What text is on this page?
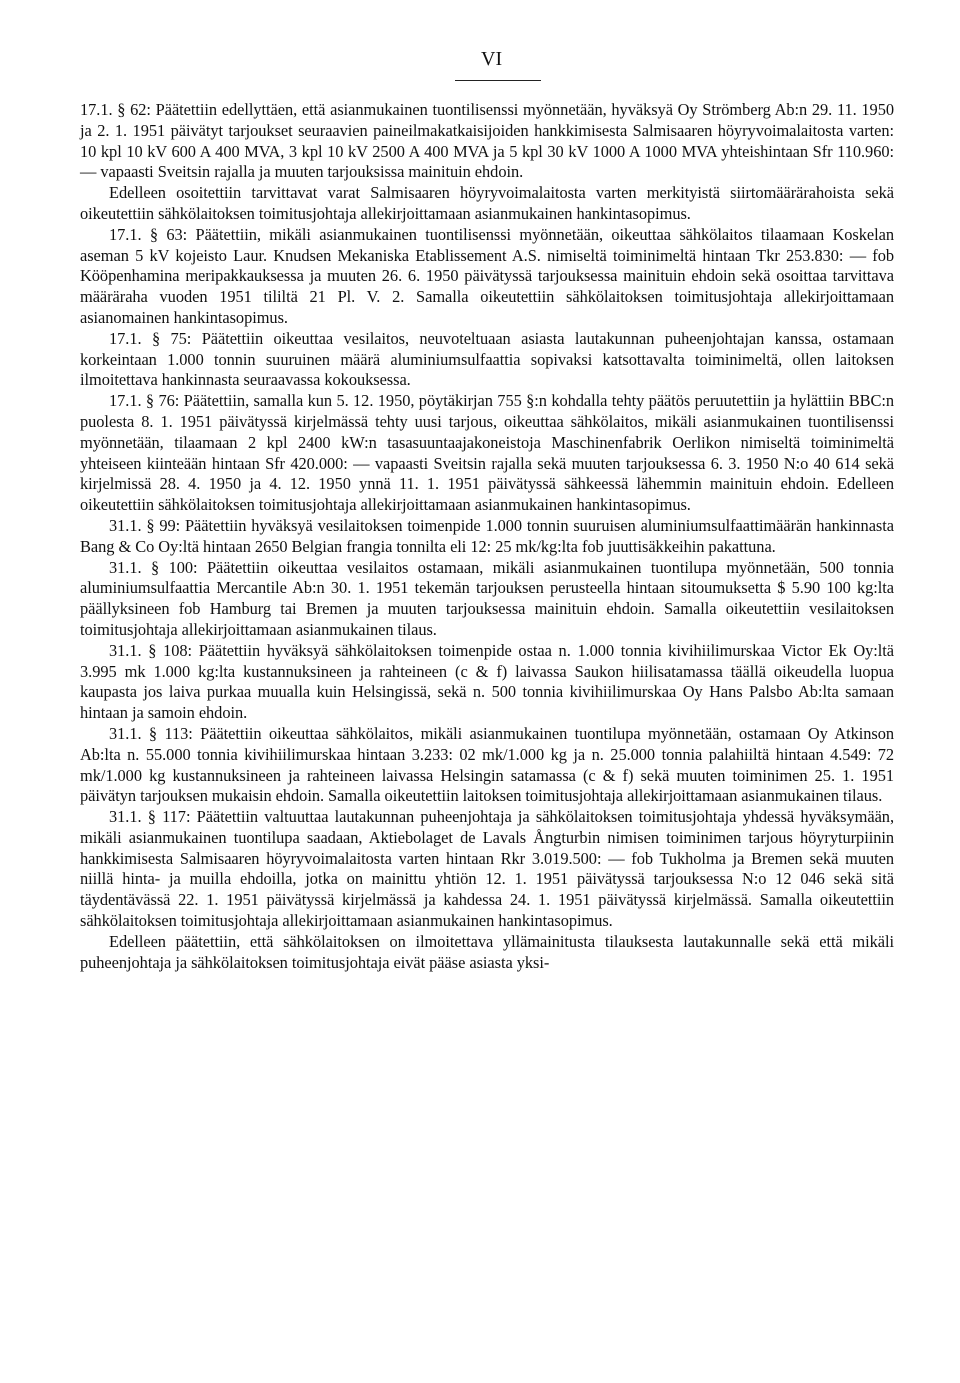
VI

17.1. § 62: Päätettiin edellyttäen, että asianmukainen tuontilisenssi myönnetään, hyväksyä Oy Strömberg Ab:n 29. 11. 1950 ja 2. 1. 1951 päivätyt tarjoukset seuraavien paineilmakatkaisijoiden hankkimisesta Salmisaaren höyryvoimalaitosta varten: 10 kpl 10 kV 600 A 400 MVA, 3 kpl 10 kV 2500 A 400 MVA ja 5 kpl 30 kV 1000 A 1000 MVA yhteishintaan Sfr 110.960: — vapaasti Sveitsin rajalla ja muuten tarjouksissa mainituin ehdoin.

Edelleen osoitettiin tarvittavat varat Salmisaaren höyryvoimalaitosta varten merkityistä siirtomäärärahoista sekä oikeutettiin sähkölaitoksen toimitusjohtaja allekirjoittamaan asianmukainen hankintasopimus.

17.1. § 63: Päätettiin, mikäli asianmukainen tuontilisenssi myönnetään, oikeuttaa sähkölaitos tilaamaan Koskelan aseman 5 kV kojeisto Laur. Knudsen Mekaniska Etablissement A.S. nimiseltä toiminimeltä hintaan Tkr 253.830: — fob Kööpenhamina meripakkauksessa ja muuten 26. 6. 1950 päivätyssä tarjouksessa mainituin ehdoin sekä osoittaa tarvittava määräraha vuoden 1951 tililtä 21 Pl. V. 2. Samalla oikeutettiin sähkölaitoksen toimitusjohtaja allekirjoittamaan asianomainen hankintasopimus.

17.1. § 75: Päätettiin oikeuttaa vesilaitos, neuvoteltuaan asiasta lautakunnan puheenjohtajan kanssa, ostamaan korkeintaan 1.000 tonnin suuruinen määrä aluminiumsulfaattia sopivaksi katsottavalta toiminimeltä, ollen laitoksen ilmoitettava hankinnasta seuraavassa kokouksessa.

17.1. § 76: Päätettiin, samalla kun 5. 12. 1950, pöytäkirjan 755 §:n kohdalla tehty päätös peruutettiin ja hylättiin BBC:n puolesta 8. 1. 1951 päivätyssä kirjelmässä tehty uusi tarjous, oikeuttaa sähkölaitos, mikäli asianmukainen tuontilisenssi myönnetään, tilaamaan 2 kpl 2400 kW:n tasasuuntaajakoneistoja Maschinenfabrik Oerlikon nimiseltä toiminimeltä yhteiseen kiinteään hintaan Sfr 420.000: — vapaasti Sveitsin rajalla sekä muuten tarjouksessa 6. 3. 1950 N:o 40 614 sekä kirjelmissä 28. 4. 1950 ja 4. 12. 1950 ynnä 11. 1. 1951 päivätyssä sähkeessä lähemmin mainituin ehdoin. Edelleen oikeutettiin sähkölaitoksen toimitusjohtaja allekirjoittamaan asianmukainen hankintasopimus.

31.1. § 99: Päätettiin hyväksyä vesilaitoksen toimenpide 1.000 tonnin suuruisen aluminiumsulfaattimäärän hankinnasta Bang & Co Oy:ltä hintaan 2650 Belgian frangia tonnilta eli 12: 25 mk/kg:lta fob juuttisäkkeihin pakattuna.

31.1. § 100: Päätettiin oikeuttaa vesilaitos ostamaan, mikäli asianmukainen tuontilupa myönnetään, 500 tonnia aluminiumsulfaattia Mercantile Ab:n 30. 1. 1951 tekemän tarjouksen perusteella hintaan sitoumuksetta $ 5.90 100 kg:lta päällyksineen fob Hamburg tai Bremen ja muuten tarjouksessa mainituin ehdoin. Samalla oikeutettiin vesilaitoksen toimitusjohtaja allekirjoittamaan asianmukainen tilaus.

31.1. § 108: Päätettiin hyväksyä sähkölaitoksen toimenpide ostaa n. 1.000 tonnia kivihiilimurskaa Victor Ek Oy:ltä 3.995 mk 1.000 kg:lta kustannuksineen ja rahteineen (c & f) laivassa Saukon hiilisatamassa täällä oikeudella luopua kaupasta jos laiva purkaa muualla kuin Helsingissä, sekä n. 500 tonnia kivihiilimurskaa Oy Hans Palsbo Ab:lta samaan hintaan ja samoin ehdoin.

31.1. § 113: Päätettiin oikeuttaa sähkölaitos, mikäli asianmukainen tuontilupa myönnetään, ostamaan Oy Atkinson Ab:lta n. 55.000 tonnia kivihiilimurskaa hintaan 3.233: 02 mk/1.000 kg ja n. 25.000 tonnia palahiiltä hintaan 4.549: 72 mk/1.000 kg kustannuksineen ja rahteineen laivassa Helsingin satamassa (c & f) sekä muuten toiminimen 25. 1. 1951 päivätyn tarjouksen mukaisin ehdoin. Samalla oikeutettiin laitoksen toimitusjohtaja allekirjoittamaan asianmukainen tilaus.

31.1. § 117: Päätettiin valtuuttaa lautakunnan puheenjohtaja ja sähkölaitoksen toimitusjohtaja yhdessä hyväksymään, mikäli asianmukainen tuontilupa saadaan, Aktiebolaget de Lavals Ångturbin nimisen toiminimen tarjous höyryturpiinin hankkimisesta Salmisaaren höyryvoimalaitosta varten hintaan Rkr 3.019.500: — fob Tukholma ja Bremen sekä muuten niillä hinta- ja muilla ehdoilla, jotka on mainittu yhtiön 12. 1. 1951 päivätyssä tarjouksessa N:o 12 046 sekä sitä täydentävässä 22. 1. 1951 päivätyssä kirjelmässä ja kahdessa 24. 1. 1951 päivätyssä kirjelmässä. Samalla oikeutettiin sähkölaitoksen toimitusjohtaja allekirjoittamaan asianmukainen hankintasopimus.

Edelleen päätettiin, että sähkölaitoksen on ilmoitettava yllämainitusta tilauksesta lautakunnalle sekä että mikäli puheenjohtaja ja sähkölaitoksen toimitusjohtaja eivät pääse asiasta yksi-
